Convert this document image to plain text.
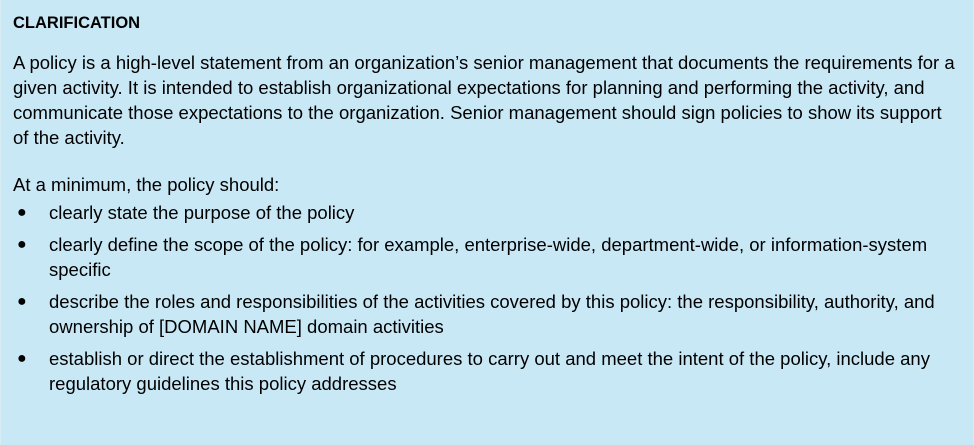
CLARIFICATION

A policy is a high-level statement from an organization’s senior management that documents the requirements for a given activity. It is intended to establish organizational expectations for planning and performing the activity, and communicate those expectations to the organization. Senior management should sign policies to show its support of the activity.

At a minimum, the policy should:

●	clearly state the purpose of the policy
●	clearly define the scope of the policy: for example, enterprise-wide, department-wide, or information-system specific
●	describe the roles and responsibilities of the activities covered by this policy: the responsibility, authority, and ownership of [DOMAIN NAME] domain activities
●	establish or direct the establishment of procedures to carry out and meet the intent of the policy, include any regulatory guidelines this policy addresses
